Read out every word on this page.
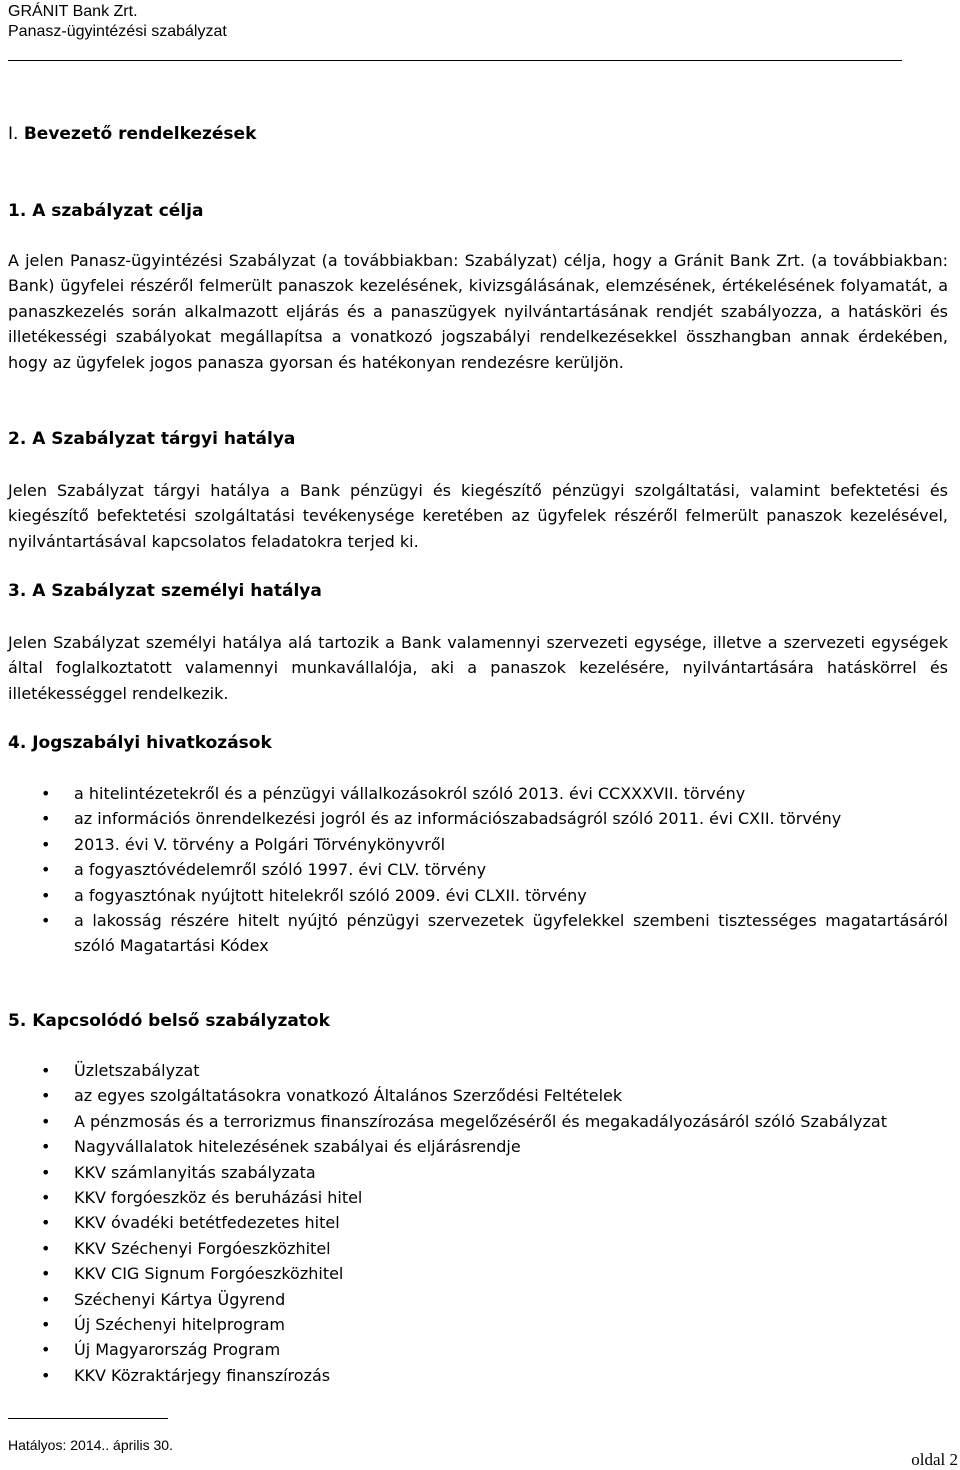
GRÁNIT Bank Zrt.
Panasz-ügyintézési szabályzat
I. Bevezető rendelkezések
1. A szabályzat célja
A jelen Panasz-ügyintézési Szabályzat (a továbbiakban: Szabályzat) célja, hogy a Gránit Bank Zrt. (a továbbiakban: Bank) ügyfelei részéről felmerült panaszok kezelésének, kivizsgálásának, elemzésének, értékelésének folyamatát, a panaszkezelés során alkalmazott eljárás és a panaszügyek nyilvántartásának rendjét szabályozza, a hatásköri és illetékességi szabályokat megállapítsa a vonatkozó jogszabályi rendelkezésekkel összhangban annak érdekében, hogy az ügyfelek jogos panasza gyorsan és hatékonyan rendezésre kerüljön.
2. A Szabályzat tárgyi hatálya
Jelen Szabályzat tárgyi hatálya a Bank pénzügyi és kiegészítő pénzügyi szolgáltatási, valamint befektetési és kiegészítő befektetési szolgáltatási tevékenysége keretében az ügyfelek részéről felmerült panaszok kezelésével, nyilvántartásával kapcsolatos feladatokra terjed ki.
3. A Szabályzat személyi hatálya
Jelen Szabályzat személyi hatálya alá tartozik a Bank valamennyi szervezeti egysége, illetve a szervezeti egységek által foglalkoztatott valamennyi munkavállalója, aki a panaszok kezelésére, nyilvántartására hatáskörrel és illetékességgel rendelkezik.
4. Jogszabályi hivatkozások
• a hitelintézetekről és a pénzügyi vállalkozásokról szóló 2013. évi CCXXXVII. törvény
• az információs önrendelkezési jogról és az információszabadságról szóló 2011. évi CXII. törvény
• 2013. évi V. törvény a Polgári Törvénykönyvről
• a fogyasztóvédelemről szóló 1997. évi CLV. törvény
• a fogyasztónak nyújtott hitelekről szóló 2009. évi CLXII. törvény
• a lakosság részére hitelt nyújtó pénzügyi szervezetek ügyfelekkel szembeni tisztességes magatartásáról szóló Magatartási Kódex
5. Kapcsolódó belső szabályzatok
• Üzletszabályzat
• az egyes szolgáltatásokra vonatkozó Általános Szerződési Feltételek
• A pénzmosás és a terrorizmus finanszírozása megelőzéséről és megakadályozásáról szóló Szabályzat
• Nagyvállalatok hitelezésének szabályai és eljárásrendje
• KKV számlanyitás szabályzata
• KKV forgóeszköz és beruházási hitel
• KKV óvadéki betétfedezetes hitel
• KKV Széchenyi Forgóeszközhitel
• KKV CIG Signum Forgóeszközhitel
• Széchenyi Kártya Ügyrend
• Új Széchenyi hitelprogram
• Új Magyarország Program
• KKV Közraktárjegy finanszírozás
Hatályos: 2014.. április 30.
oldal 2
